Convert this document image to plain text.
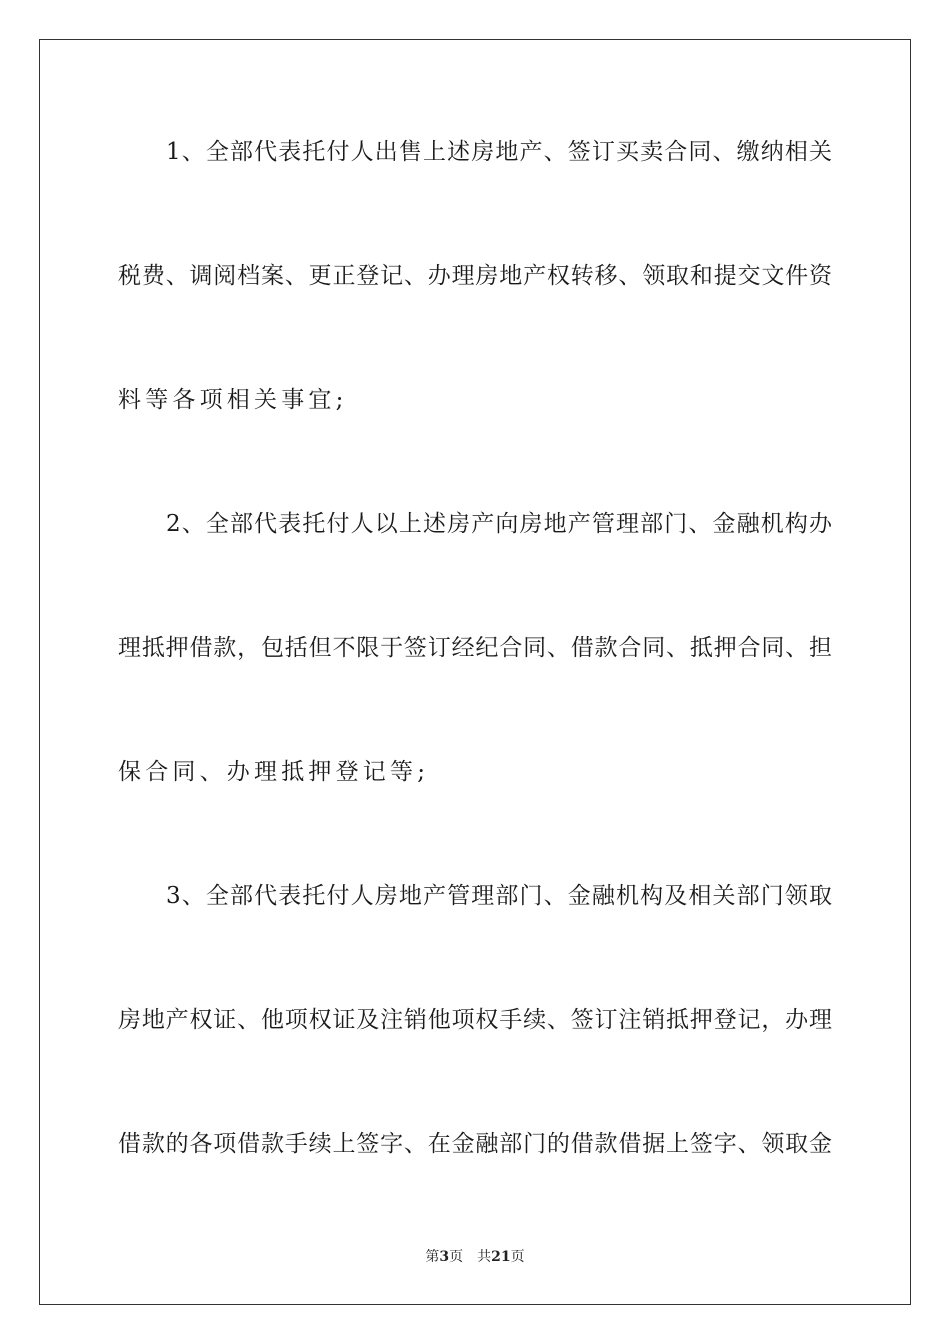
1、全部代表托付人出售上述房地产、签订买卖合同、缴纳相关
税费、调阅档案、更正登记、办理房地产权转移、领取和提交文件资
料等各项相关事宜;
2、全部代表托付人以上述房产向房地产管理部门、金融机构办
理抵押借款，包括但不限于签订经纪合同、借款合同、抵押合同、担
保合同、办理抵押登记等;
3、全部代表托付人房地产管理部门、金融机构及相关部门领取
房地产权证、他项权证及注销他项权手续、签订注销抵押登记，办理
借款的各项借款手续上签字、在金融部门的借款借据上签字、领取金
第3页 共21页
